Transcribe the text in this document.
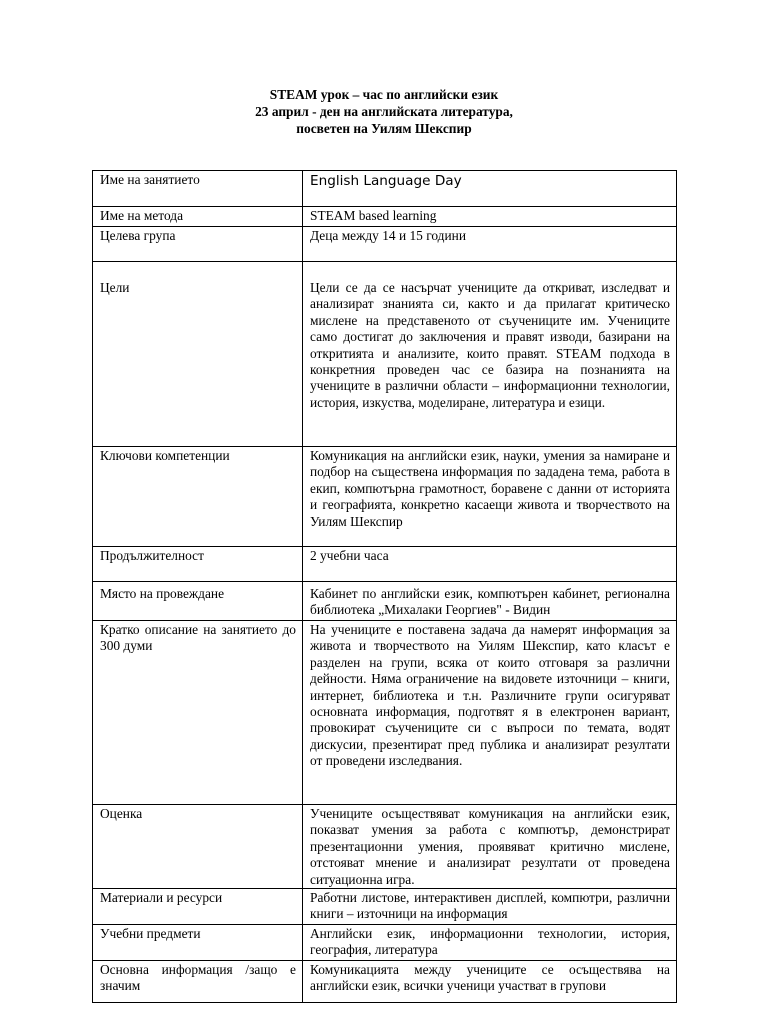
STEAM урок – час по английски език
23 април - ден на английската литература,
посветен на Уилям Шекспир
Име на занятието	English Language Day
Име на метода	STEAM based learning
Целева група	Деца между 14 и 15 години
Цели	Цели се да се насърчат учениците да откриват, изследват и анализират знанията си, както и да прилагат критическо мислене на представеното от съучениците им. Учениците само достигат до заключения и правят изводи, базирани на откритията и анализите, които правят. STEAM подхода в конкретния проведен час се базира на познанията на учениците в различни области – информационни технологии, история, изкуства, моделиране, литература и езици.
Ключови компетенции	Комуникация на английски език, науки, умения за намиране и подбор на съществена информация по зададена тема, работа в екип, компютърна грамотност, боравене с данни от историята и географията, конкретно касаещи живота и творчеството на Уилям Шекспир
Продължителност	2 учебни часа
Място на провеждане	Кабинет по английски език, компютърен кабинет, регионална библиотека „Михалаки Георгиев" - Видин
Кратко описание на занятието до 300 думи	На учениците е поставена задача да намерят информация за живота и творчеството на Уилям Шекспир, като класът е разделен на групи, всяка от които отговаря за различни дейности. Няма ограничение на видовете източници – книги, интернет, библиотека и т.н. Различните групи осигуряват основната информация, подготвят я в електронен вариант, провокират съучениците си с въпроси по темата, водят дискусии, презентират пред публика и анализират резултати от проведени изследвания.
Оценка	Учениците осъществяват комуникация на английски език, показват умения за работа с компютър, демонстрират презентационни умения, проявяват критично мислене, отстояват мнение и анализират резултати от проведена ситуационна игра.
Материали и ресурси	Работни листове, интерактивен дисплей, компютри, различни книги – източници на информация
Учебни предмети	Английски език, информационни технологии, история, география, литература
Основна информация /защо е значим	Комуникацията между учениците се осъществява на английски език, всички ученици участват в групови
